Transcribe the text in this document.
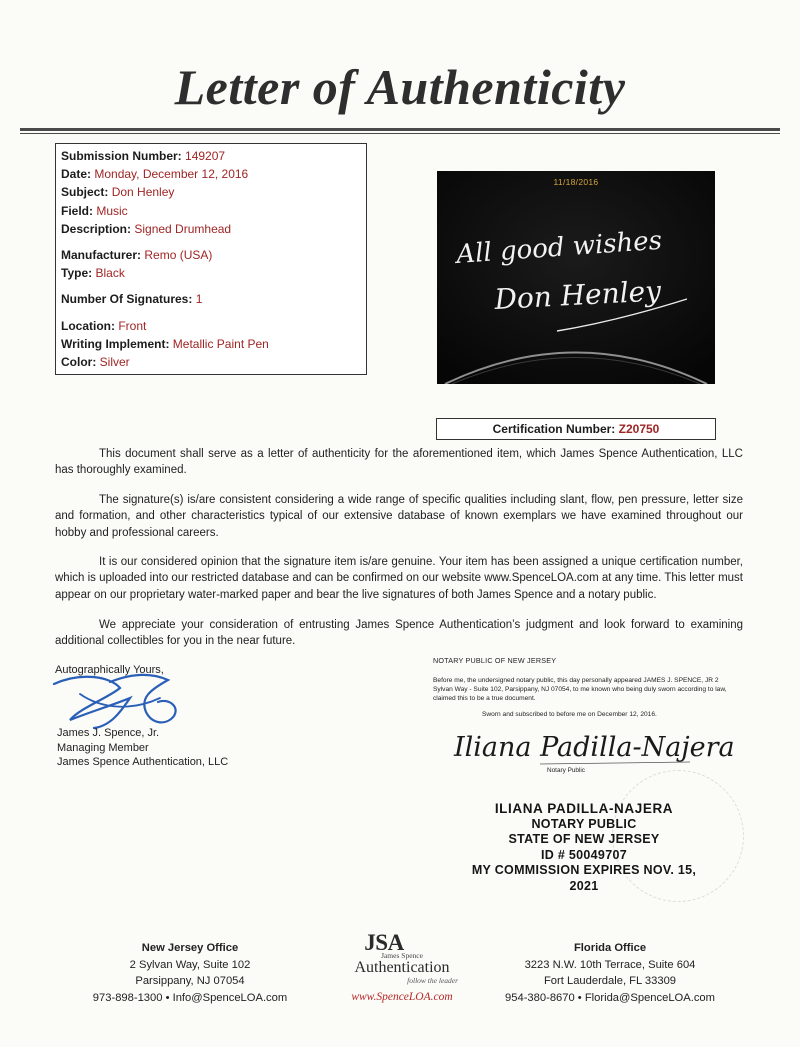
Letter of Authenticity
Submission Number: 149207
Date: Monday, December 12, 2016
Subject: Don Henley
Field: Music
Description: Signed Drumhead
Manufacturer: Remo (USA)
Type: Black
Number Of Signatures: 1
Location: Front
Writing Implement: Metallic Paint Pen
Color: Silver
All good wishes
Don Henley
11/18/2016
Certification Number: Z20750
This document shall serve as a letter of authenticity for the aforementioned item, which James Spence Authentication, LLC has thoroughly examined.
The signature(s) is/are consistent considering a wide range of specific qualities including slant, flow, pen pressure, letter size and formation, and other characteristics typical of our extensive database of known exemplars we have examined throughout our hobby and professional careers.
It is our considered opinion that the signature item is/are genuine. Your item has been assigned a unique certification number, which is uploaded into our restricted database and can be confirmed on our website www.SpenceLOA.com at any time. This letter must appear on our proprietary water-marked paper and bear the live signatures of both James Spence and a notary public.
We appreciate your consideration of entrusting James Spence Authentication’s judgment and look forward to examining additional collectibles for you in the near future.
Autographically Yours,
James J. Spence, Jr.
Managing Member
James Spence Authentication, LLC
NOTARY PUBLIC OF NEW JERSEY
Before me, the undersigned notary public, this day personally appeared JAMES J. SPENCE, JR 2 Sylvan Way - Suite 102, Parsippany, NJ 07054, to me known who being duly sworn according to law, claimed this to be a true document.
Sworn and subscribed to before me on December 12, 2016.
Iliana Padilla-Najera
Notary Public
ILIANA PADILLA-NAJERA
NOTARY PUBLIC
STATE OF NEW JERSEY
ID # 50049707
MY COMMISSION EXPIRES NOV. 15, 2021
New Jersey Office
2 Sylvan Way, Suite 102
Parsippany, NJ 07054
973-898-1300 • Info@SpenceLOA.com
JSA
James Spence
Authentication
follow the leader
www.SpenceLOA.com
Florida Office
3223 N.W. 10th Terrace, Suite 604
Fort Lauderdale, FL 33309
954-380-8670 • Florida@SpenceLOA.com
